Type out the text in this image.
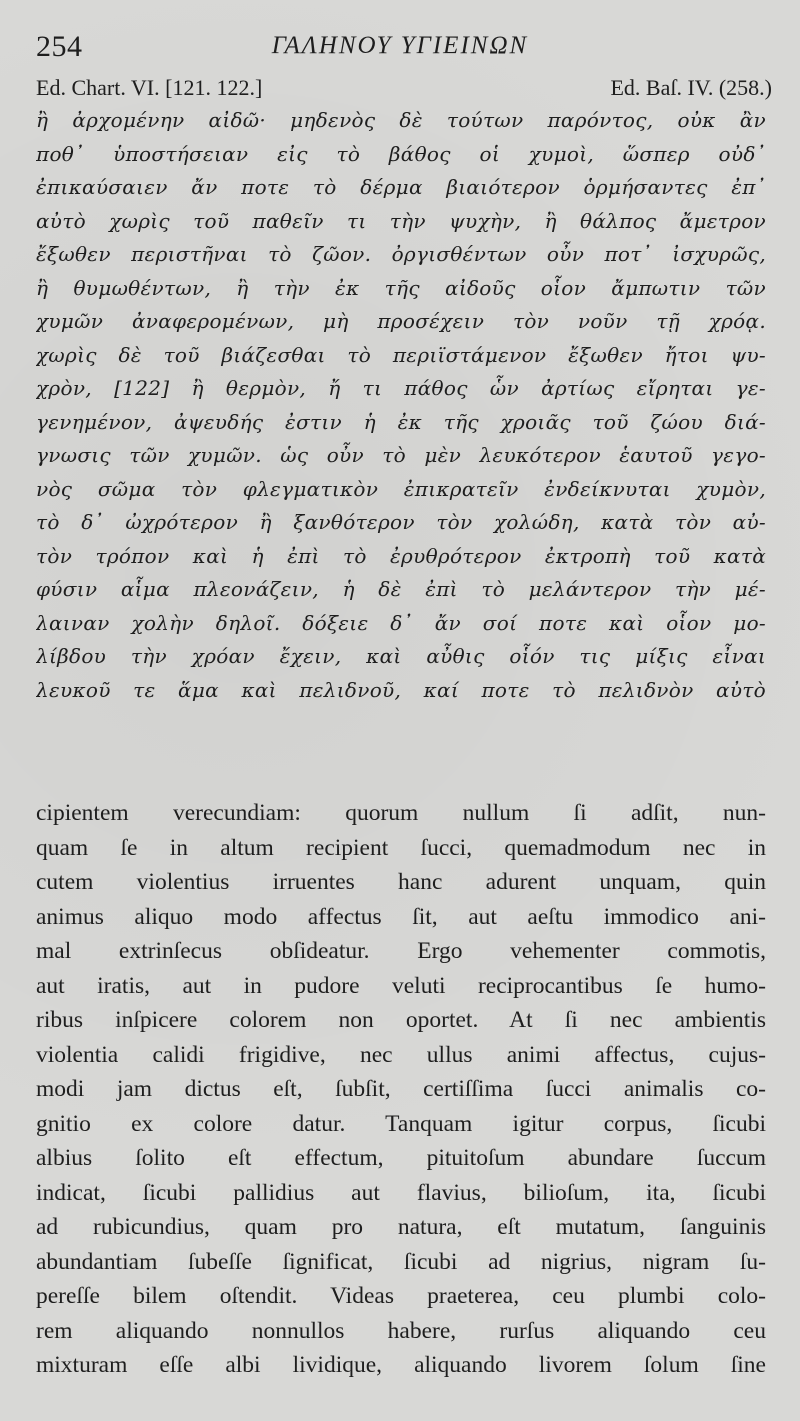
254	ΓΑΛΗΝΟΥ ΥΓΙΕΙΝΩΝ
Ed. Chart. VI. [121. 122.]	Ed. Baſ. IV. (258.)
ἢ ἀρχομένην αἰδῶ· μηδενὸς δὲ τούτων παρόντος, οὐκ ἂν
ποθ᾿ ὑποστήσειαν εἰς τὸ βάθος οἱ χυμοὶ, ὥσπερ οὐδ᾿
ἐπικαύσαιεν ἄν ποτε τὸ δέρμα βιαιότερον ὁρμήσαντες ἐπ᾿
αὐτὸ χωρὶς τοῦ παθεῖν τι τὴν ψυχὴν, ἢ θάλπος ἄμετρον
ἔξωθεν περιστῆναι τὸ ζῶον. ὀργισθέντων οὖν ποτ᾿ ἰσχυρῶς,
ἢ θυμωθέντων, ἢ τὴν ἐκ τῆς αἰδοῦς οἷον ἄμπωτιν τῶν
χυμῶν ἀναφερομένων, μὴ προσέχειν τὸν νοῦν τῇ χρόᾳ.
χωρὶς δὲ τοῦ βιάζεσθαι τὸ περιϊστάμενον ἔξωθεν ἤτοι ψυ-
χρὸν, [122] ἢ θερμὸν, ἤ τι πάθος ὧν ἀρτίως εἴρηται γε-
γενημένον, ἀψευδής ἐστιν ἡ ἐκ τῆς χροιᾶς τοῦ ζώου διά-
γνωσις τῶν χυμῶν. ὡς οὖν τὸ μὲν λευκότερον ἑαυτοῦ γεγο-
νὸς σῶμα τὸν φλεγματικὸν ἐπικρατεῖν ἐνδείκνυται χυμὸν,
τὸ δ᾿ ὠχρότερον ἢ ξανθότερον τὸν χολώδη, κατὰ τὸν αὐ-
τὸν τρόπον καὶ ἡ ἐπὶ τὸ ἐρυθρότερον ἐκτροπὴ τοῦ κατὰ
φύσιν αἷμα πλεονάζειν, ἡ δὲ ἐπὶ τὸ μελάντερον τὴν μέ-
λαιναν χολὴν δηλοῖ. δόξειε δ᾿ ἄν σοί ποτε καὶ οἷον μο-
λίβδου τὴν χρόαν ἔχειν, καὶ αὖθις οἷόν τις μίξις εἶναι
λευκοῦ τε ἅμα καὶ πελιδνοῦ, καί ποτε τὸ πελιδνὸν αὐτὸ
cipientem verecundiam: quorum nullum ſi adſit, nun-
quam ſe in altum recipient ſucci, quemadmodum nec in
cutem violentius irruentes hanc adurent unquam, quin
animus aliquo modo affectus ſit, aut aeſtu immodico ani-
mal extrinſecus obſideatur. Ergo vehementer commotis,
aut iratis, aut in pudore veluti reciprocantibus ſe humo-
ribus inſpicere colorem non oportet. At ſi nec ambientis
violentia calidi frigidive, nec ullus animi affectus, cujus-
modi jam dictus eſt, ſubſit, certiſſima ſucci animalis co-
gnitio ex colore datur. Tanquam igitur corpus, ſicubi
albius ſolito eſt effectum, pituitoſum abundare ſuccum
indicat, ſicubi pallidius aut flavius, bilioſum, ita, ſicubi
ad rubicundius, quam pro natura, eſt mutatum, ſanguinis
abundantiam ſubeſſe ſignificat, ſicubi ad nigrius, nigram ſu-
pereſſe bilem oſtendit. Videas praeterea, ceu plumbi colo-
rem aliquando nonnullos habere, rurſus aliquando ceu
mixturam eſſe albi lividique, aliquando livorem ſolum ſine
